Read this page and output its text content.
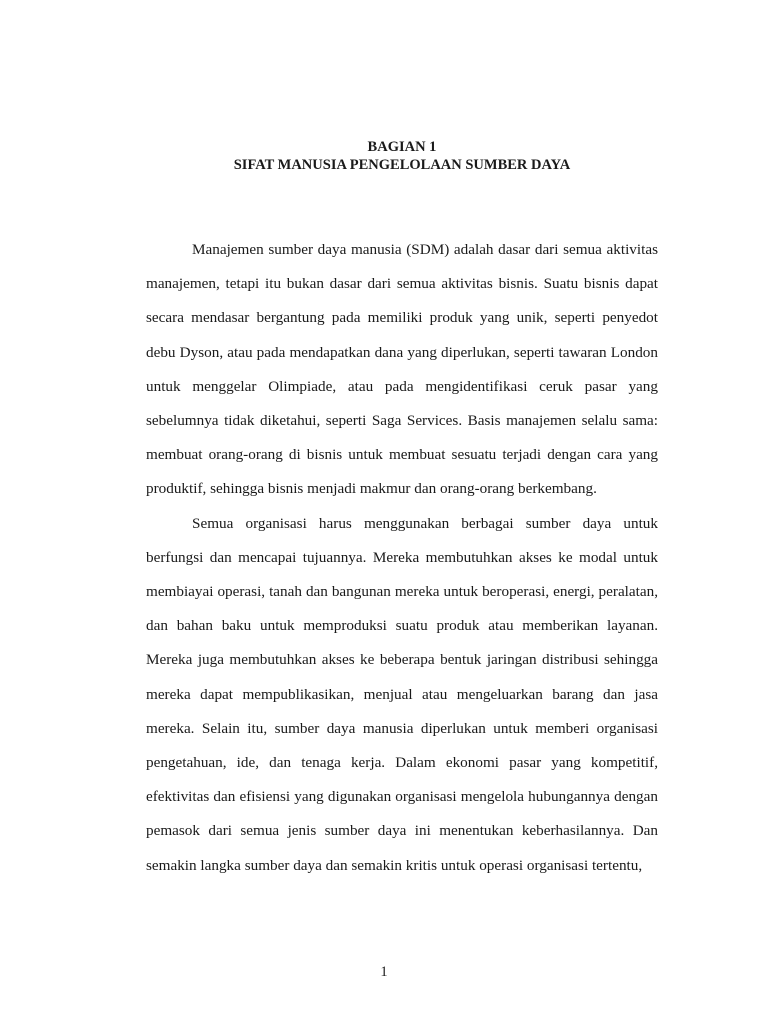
BAGIAN 1
SIFAT MANUSIA PENGELOLAAN SUMBER DAYA

Manajemen sumber daya manusia (SDM) adalah dasar dari semua aktivitas manajemen, tetapi itu bukan dasar dari semua aktivitas bisnis. Suatu bisnis dapat secara mendasar bergantung pada memiliki produk yang unik, seperti penyedot debu Dyson, atau pada mendapatkan dana yang diperlukan, seperti tawaran London untuk menggelar Olimpiade, atau pada mengidentifikasi ceruk pasar yang sebelumnya tidak diketahui, seperti Saga Services. Basis manajemen selalu sama: membuat orang-orang di bisnis untuk membuat sesuatu terjadi dengan cara yang produktif, sehingga bisnis menjadi makmur dan orang-orang berkembang.

Semua organisasi harus menggunakan berbagai sumber daya untuk berfungsi dan mencapai tujuannya. Mereka membutuhkan akses ke modal untuk membiayai operasi, tanah dan bangunan mereka untuk beroperasi, energi, peralatan, dan bahan baku untuk memproduksi suatu produk atau memberikan layanan. Mereka juga membutuhkan akses ke beberapa bentuk jaringan distribusi sehingga mereka dapat mempublikasikan, menjual atau mengeluarkan barang dan jasa mereka. Selain itu, sumber daya manusia diperlukan untuk memberi organisasi pengetahuan, ide, dan tenaga kerja. Dalam ekonomi pasar yang kompetitif, efektivitas dan efisiensi yang digunakan organisasi mengelola hubungannya dengan pemasok dari semua jenis sumber daya ini menentukan keberhasilannya. Dan semakin langka sumber daya dan semakin kritis untuk operasi organisasi tertentu,

1
